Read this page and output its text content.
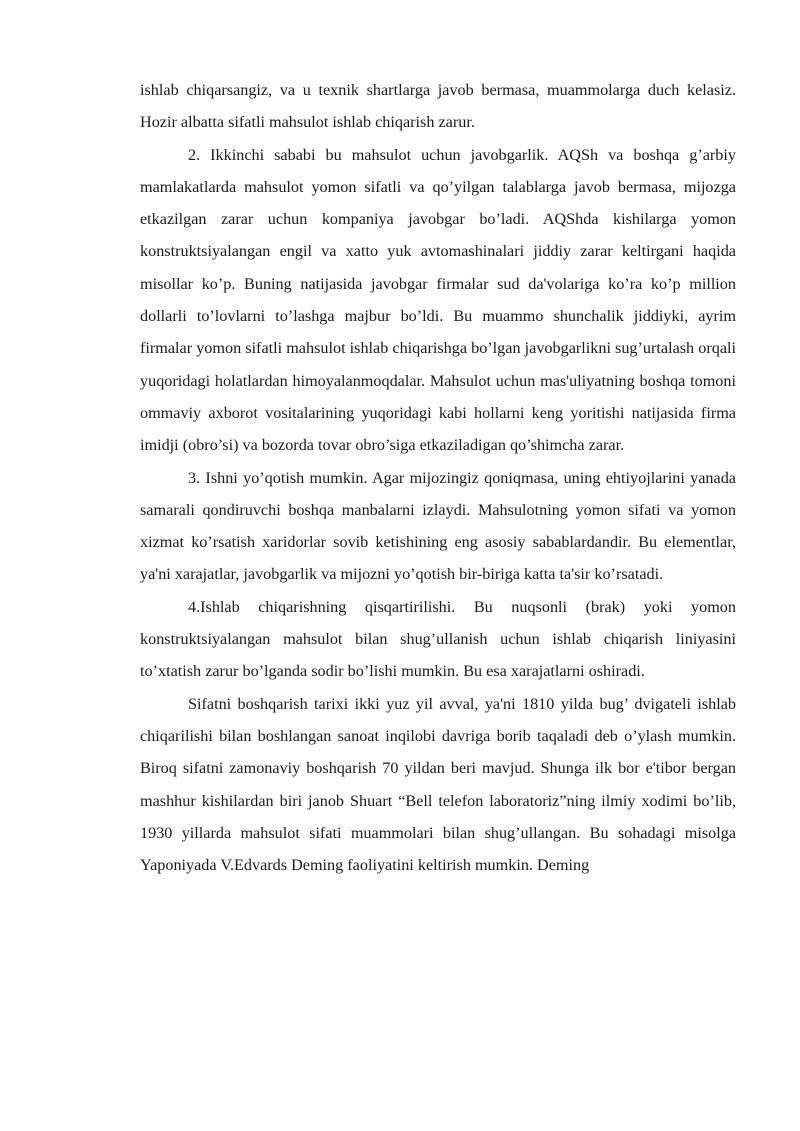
ishlab chiqarsangiz, va u texnik shartlarga javob bermasa, muammolarga duch kelasiz. Hozir albatta sifatli mahsulot ishlab chiqarish zarur.

2. Ikkinchi sababi bu mahsulot uchun javobgarlik. AQSh va boshqa g’arbiy mamlakatlarda mahsulot yomon sifatli va qo’yilgan talablarga javob bermasa, mijozga etkazilgan zarar uchun kompaniya javobgar bo’ladi. AQShda kishilarga yomon konstruktsiyalangan engil va xatto yuk avtomashinalari jiddiy zarar keltirgani haqida misollar ko’p. Buning natijasida javobgar firmalar sud da'volariga ko’ra ko’p million dollarli to’lovlarni to’lashga majbur bo’ldi. Bu muammo shunchalik jiddiyki, ayrim firmalar yomon sifatli mahsulot ishlab chiqarishga bo’lgan javobgarlikni sug’urtalash orqali yuqoridagi holatlardan himoyalanmoqdalar. Mahsulot uchun mas'uliyatning boshqa tomoni ommaviy axborot vositalarining yuqoridagi kabi hollarni keng yoritishi natijasida firma imidji (obro’si) va bozorda tovar obro’siga etkaziladigan qo’shimcha zarar.

3. Ishni yo’qotish mumkin. Agar mijozingiz qoniqmasa, uning ehtiyojlarini yanada samarali qondiruvchi boshqa manbalarni izlaydi. Mahsulotning yomon sifati va yomon xizmat ko’rsatish xaridorlar sovib ketishining eng asosiy sabablardandir. Bu elementlar, ya'ni xarajatlar, javobgarlik va mijozni yo’qotish bir-biriga katta ta'sir ko’rsatadi.

4.Ishlab chiqarishning qisqartirilishi. Bu nuqsonli (brak) yoki yomon konstruktsiyalangan mahsulot bilan shug’ullanish uchun ishlab chiqarish liniyasini to’xtatish zarur bo’lganda sodir bo’lishi mumkin. Bu esa xarajatlarni oshiradi.

Sifatni boshqarish tarixi ikki yuz yil avval, ya'ni 1810 yilda bug’ dvigateli ishlab chiqarilishi bilan boshlangan sanoat inqilobi davriga borib taqaladi deb o’ylash mumkin. Biroq sifatni zamonaviy boshqarish 70 yildan beri mavjud. Shunga ilk bor e'tibor bergan mashhur kishilardan biri janob Shuart “Bell telefon laboratoriz”ning ilmiy xodimi bo’lib, 1930 yillarda mahsulot sifati muammolari bilan shug’ullangan. Bu sohadagi misolga Yaponiyada V.Edvards Deming faoliyatini keltirish mumkin. Deming
